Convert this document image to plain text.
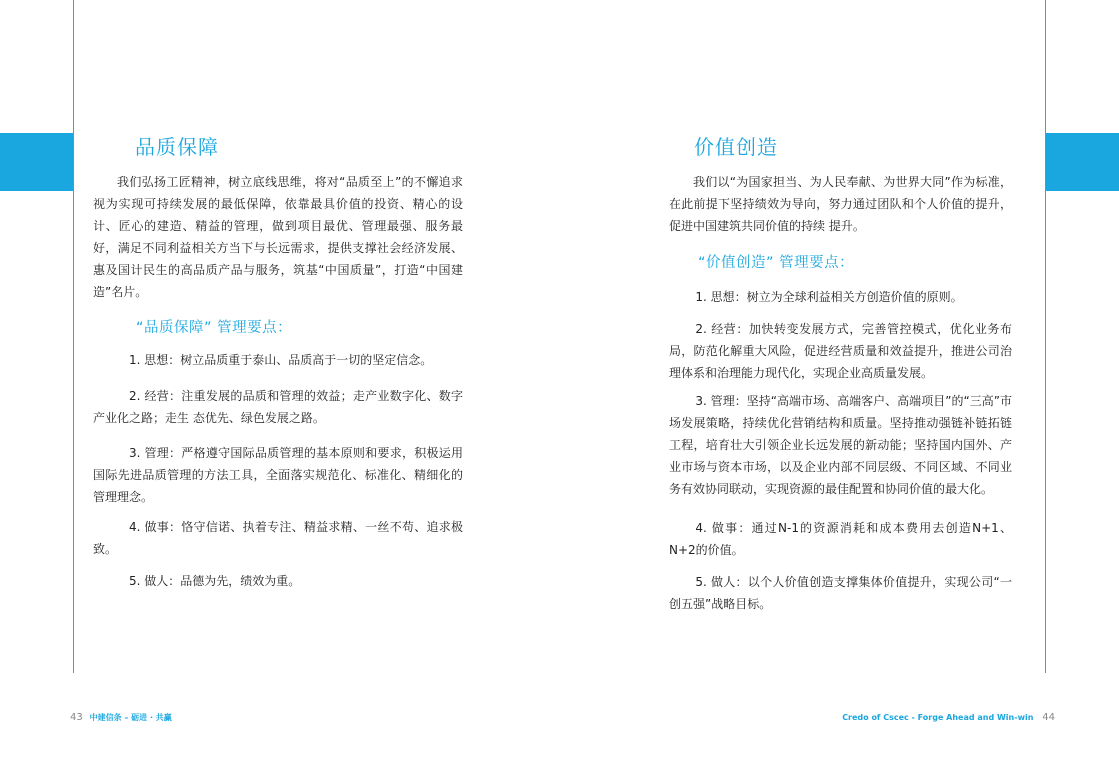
品质保障

我们弘扬工匠精神，树立底线思维，将对“品质至上”的不懈追求视为实现可持续发展的最低保障，依靠最具价值的投资、精心的设计、匠心的建造、精益的管理，做到项目最优、管理最强、服务最好，满足不同利益相关方当下与长远需求，提供支撑社会经济发展、惠及国计民生的高品质产品与服务，筑基“中国质量”，打造“中国建造”名片。

“品质保障” 管理要点：

1. 思想：树立品质重于泰山、品质高于一切的坚定信念。

2. 经营：注重发展的品质和管理的效益；走产业数字化、数字产业化之路；走生 态优先、绿色发展之路。

3. 管理：严格遵守国际品质管理的基本原则和要求，积极运用国际先进品质管理的方法工具，全面落实规范化、标准化、精细化的管理理念。

4. 做事：恪守信诺、执着专注、精益求精、一丝不苟、追求极致。

5. 做人：品德为先，绩效为重。

价值创造

我们以“为国家担当、为人民奉献、为世界大同”作为标准，在此前提下坚持绩效为导向，努力通过团队和个人价值的提升，促进中国建筑共同价值的持续 提升。

“价值创造” 管理要点：

1. 思想：树立为全球利益相关方创造价值的原则。

2. 经营：加快转变发展方式，完善管控模式，优化业务布局，防范化解重大风险，促进经营质量和效益提升，推进公司治理体系和治理能力现代化，实现企业高质量发展。

3. 管理：坚持“高端市场、高端客户、高端项目”的“三高”市场发展策略，持续优化营销结构和质量。坚持推动强链补链拓链工程，培育壮大引领企业长远发展的新动能；坚持国内国外、产业市场与资本市场，以及企业内部不同层级、不同区域、不同业务有效协同联动，实现资源的最佳配置和协同价值的最大化。

4. 做事：通过N-1的资源消耗和成本费用去创造N+1、N+2的价值。

5. 做人：以个人价值创造支撑集体价值提升，实现公司“一创五强”战略目标。

43 中建信条 – 砺进 · 共赢	Credo of Cscec - Forge Ahead and Win-win 44
